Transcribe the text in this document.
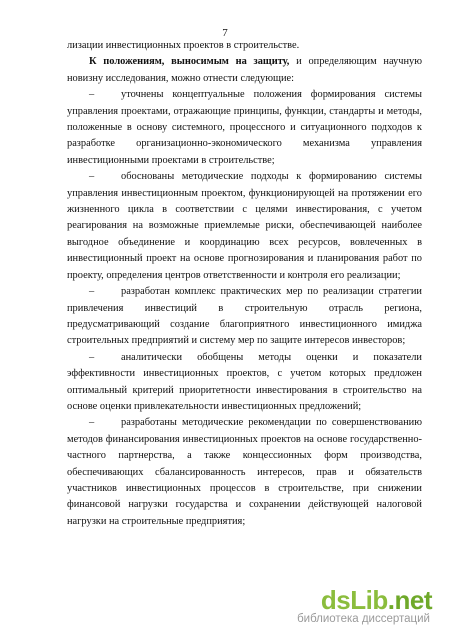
7

лизации инвестиционных проектов в строительстве.

К положениям, выносимым на защиту, и определяющим научную новизну исследования, можно отнести следующие:

–	уточнены концептуальные положения формирования системы управления проектами, отражающие принципы, функции, стандарты и методы, положенные в основу системного, процессного и ситуационного подходов к разработке организационно-экономического механизма управления инвестиционными проектами в строительстве;

–	обоснованы методические подходы к формированию системы управления инвестиционным проектом, функционирующей на протяжении его жизненного цикла в соответствии с целями инвестирования, с учетом реагирования на возможные приемлемые риски, обеспечивающей наиболее выгодное объединение и координацию всех ресурсов, вовлеченных в инвестиционный проект на основе прогнозирования и планирования работ по проекту, определения центров ответственности и контроля его реализации;

–	разработан комплекс практических мер по реализации стратегии привлечения инвестиций в строительную отрасль региона, предусматривающий создание благоприятного инвестиционного имиджа строительных предприятий и систему мер по защите интересов инвесторов;

–	аналитически обобщены методы оценки и показатели эффективности инвестиционных проектов, с учетом которых предложен оптимальный критерий приоритетности инвестирования в строительство на основе оценки привлекательности инвестиционных предложений;

–	разработаны методические рекомендации по совершенствованию методов финансирования инвестиционных проектов на основе государственно-частного партнерства, а также концессионных форм производства, обеспечивающих сбалансированность интересов, прав и обязательств участников инвестиционных процессов в строительстве, при снижении финансовой нагрузки государства и сохранении действующей налоговой нагрузки на строительные предприятия;

dsLib.net
библиотека диссертаций
